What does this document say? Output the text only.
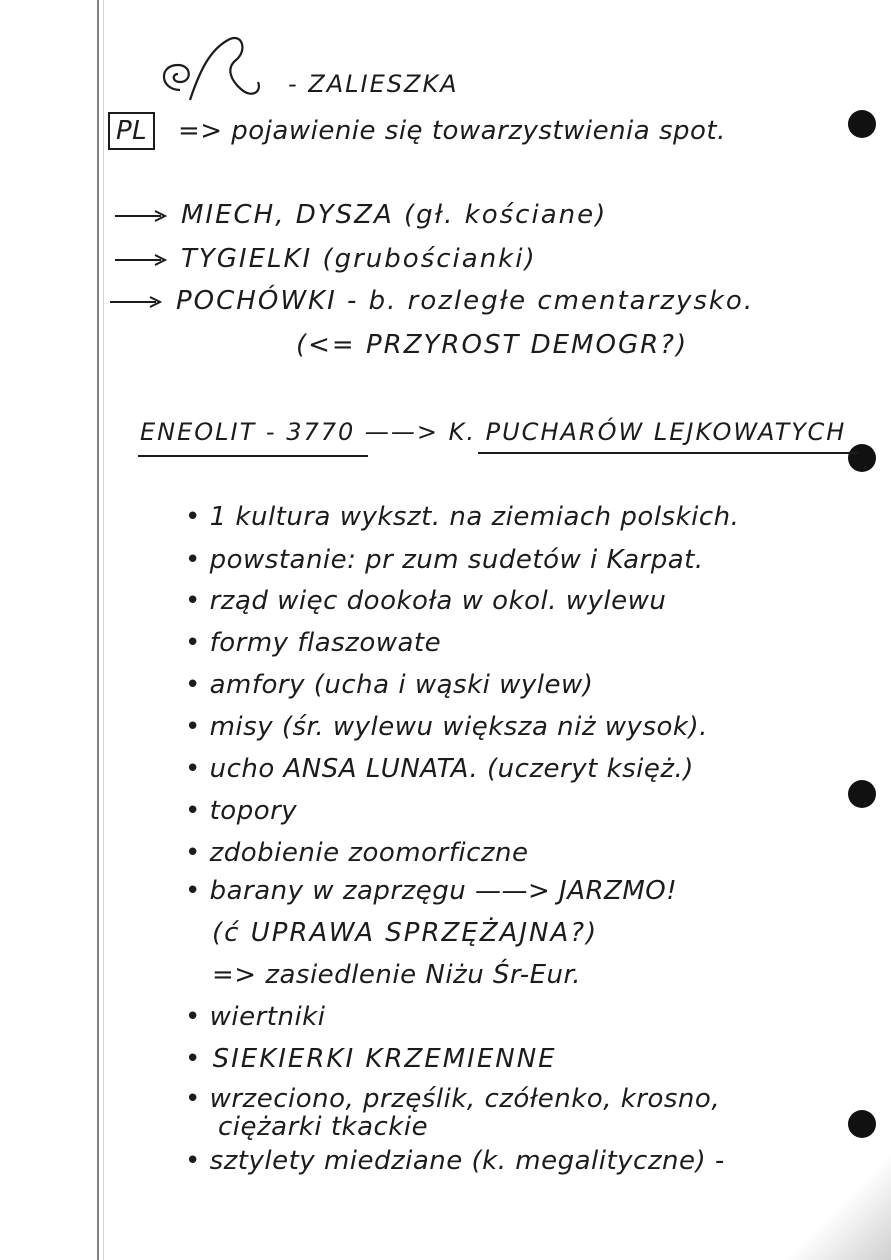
- ZALIESZKA
PL => pojawienie się towarzystwienia spot.
MIECH, DYSZA (gł. kościane)
TYGIELKI (grubościanki)
POCHÓWKI - b. rozległe cmentarzysko.
(<= PRZYROST DEMOGR?)
ENEOLIT - 3770 ——> K. PUCHARÓW LEJKOWATYCH
• 1 kultura wykszt. na ziemiach polskich.
• powstanie: pr zum sudetów i Karpat.
• rząd więc dookoła w okol. wylewu
• formy flaszowate
• amfory (ucha i wąski wylew)
• misy (śr. wylewu większa niż wysok).
• ucho ANSA LUNATA. (uczeryt księż.)
• topory
• zdobienie zoomorficzne
• barany w zaprzęgu ——> JARZMO!
(ć UPRAWA SPRZĘŻAJNA?)
=> zasiedlenie Niżu Śr-Eur.
• wiertniki
• SIEKIERKI KRZEMIENNE
• wrzeciono, przęślik, czółenko, krosno,
ciężarki tkackie
• sztylety miedziane (k. megalityczne) -
